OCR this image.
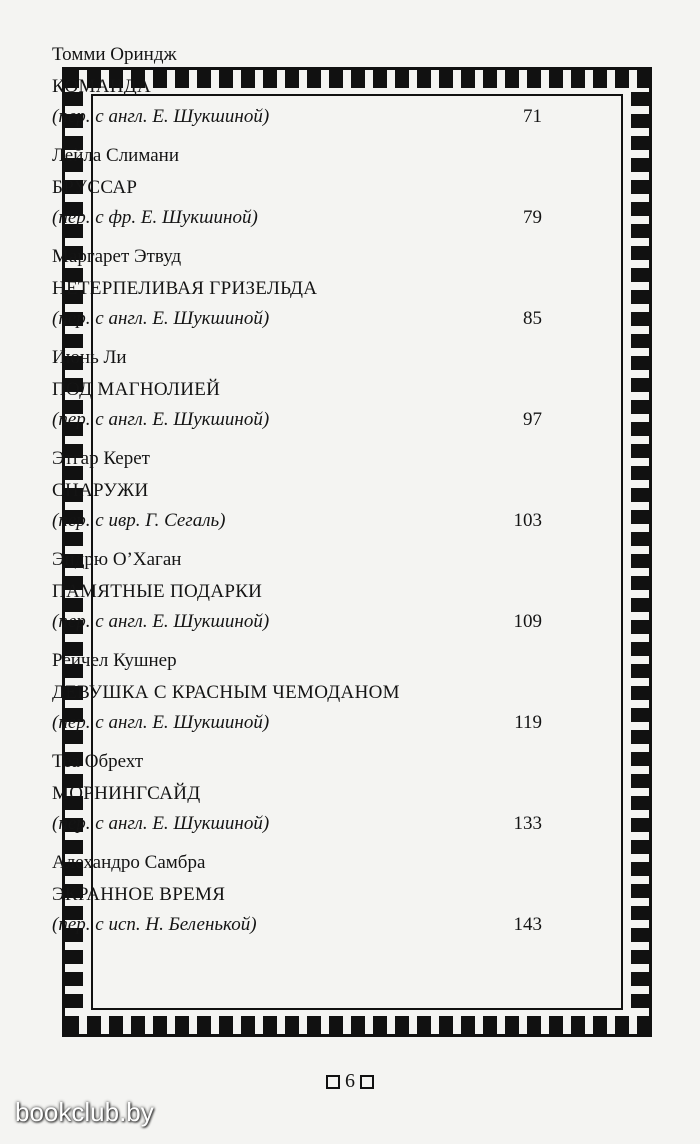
Томми Ориндж
КОМАНДА
(пер. с англ. Е. Шукшиной)	71
Лейла Слимани
БРУССАР
(пер. с фр. Е. Шукшиной)	79
Маргарет Этвуд
НЕТЕРПЕЛИВАЯ ГРИЗЕЛЬДА
(пер. с англ. Е. Шукшиной)	85
Июнь Ли
ПОД МАГНОЛИЕЙ
(пер. с англ. Е. Шукшиной)	97
Этгар Керет
СНАРУЖИ
(пер. с ивр. Г. Сегаль)	103
Эндрю О’Хаган
ПАМЯТНЫЕ ПОДАРКИ
(пер. с англ. Е. Шукшиной)	109
Рейчел Кушнер
ДЕВУШКА С КРАСНЫМ ЧЕМОДАНОМ
(пер. с англ. Е. Шукшиной)	119
Теа Обрехт
МОРНИНГСАЙД
(пер. с англ. Е. Шукшиной)	133
Алехандро Самбра
ЭКРАННОЕ ВРЕМЯ
(пер. с исп. Н. Беленькой)	143
6
bookclub.by
